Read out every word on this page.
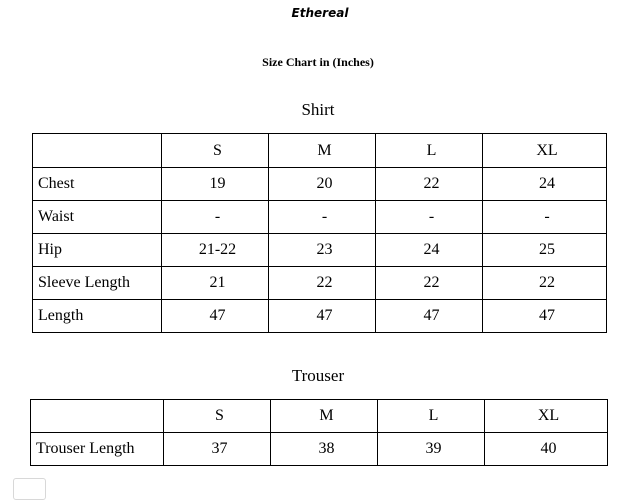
Ethereal
Size Chart in (Inches)
Shirt
	S	M	L	XL
Chest	19	20	22	24
Waist	-	-	-	-
Hip	21-22	23	24	25
Sleeve Length	21	22	22	22
Length	47	47	47	47
Trouser
	S	M	L	XL
Trouser Length	37	38	39	40
